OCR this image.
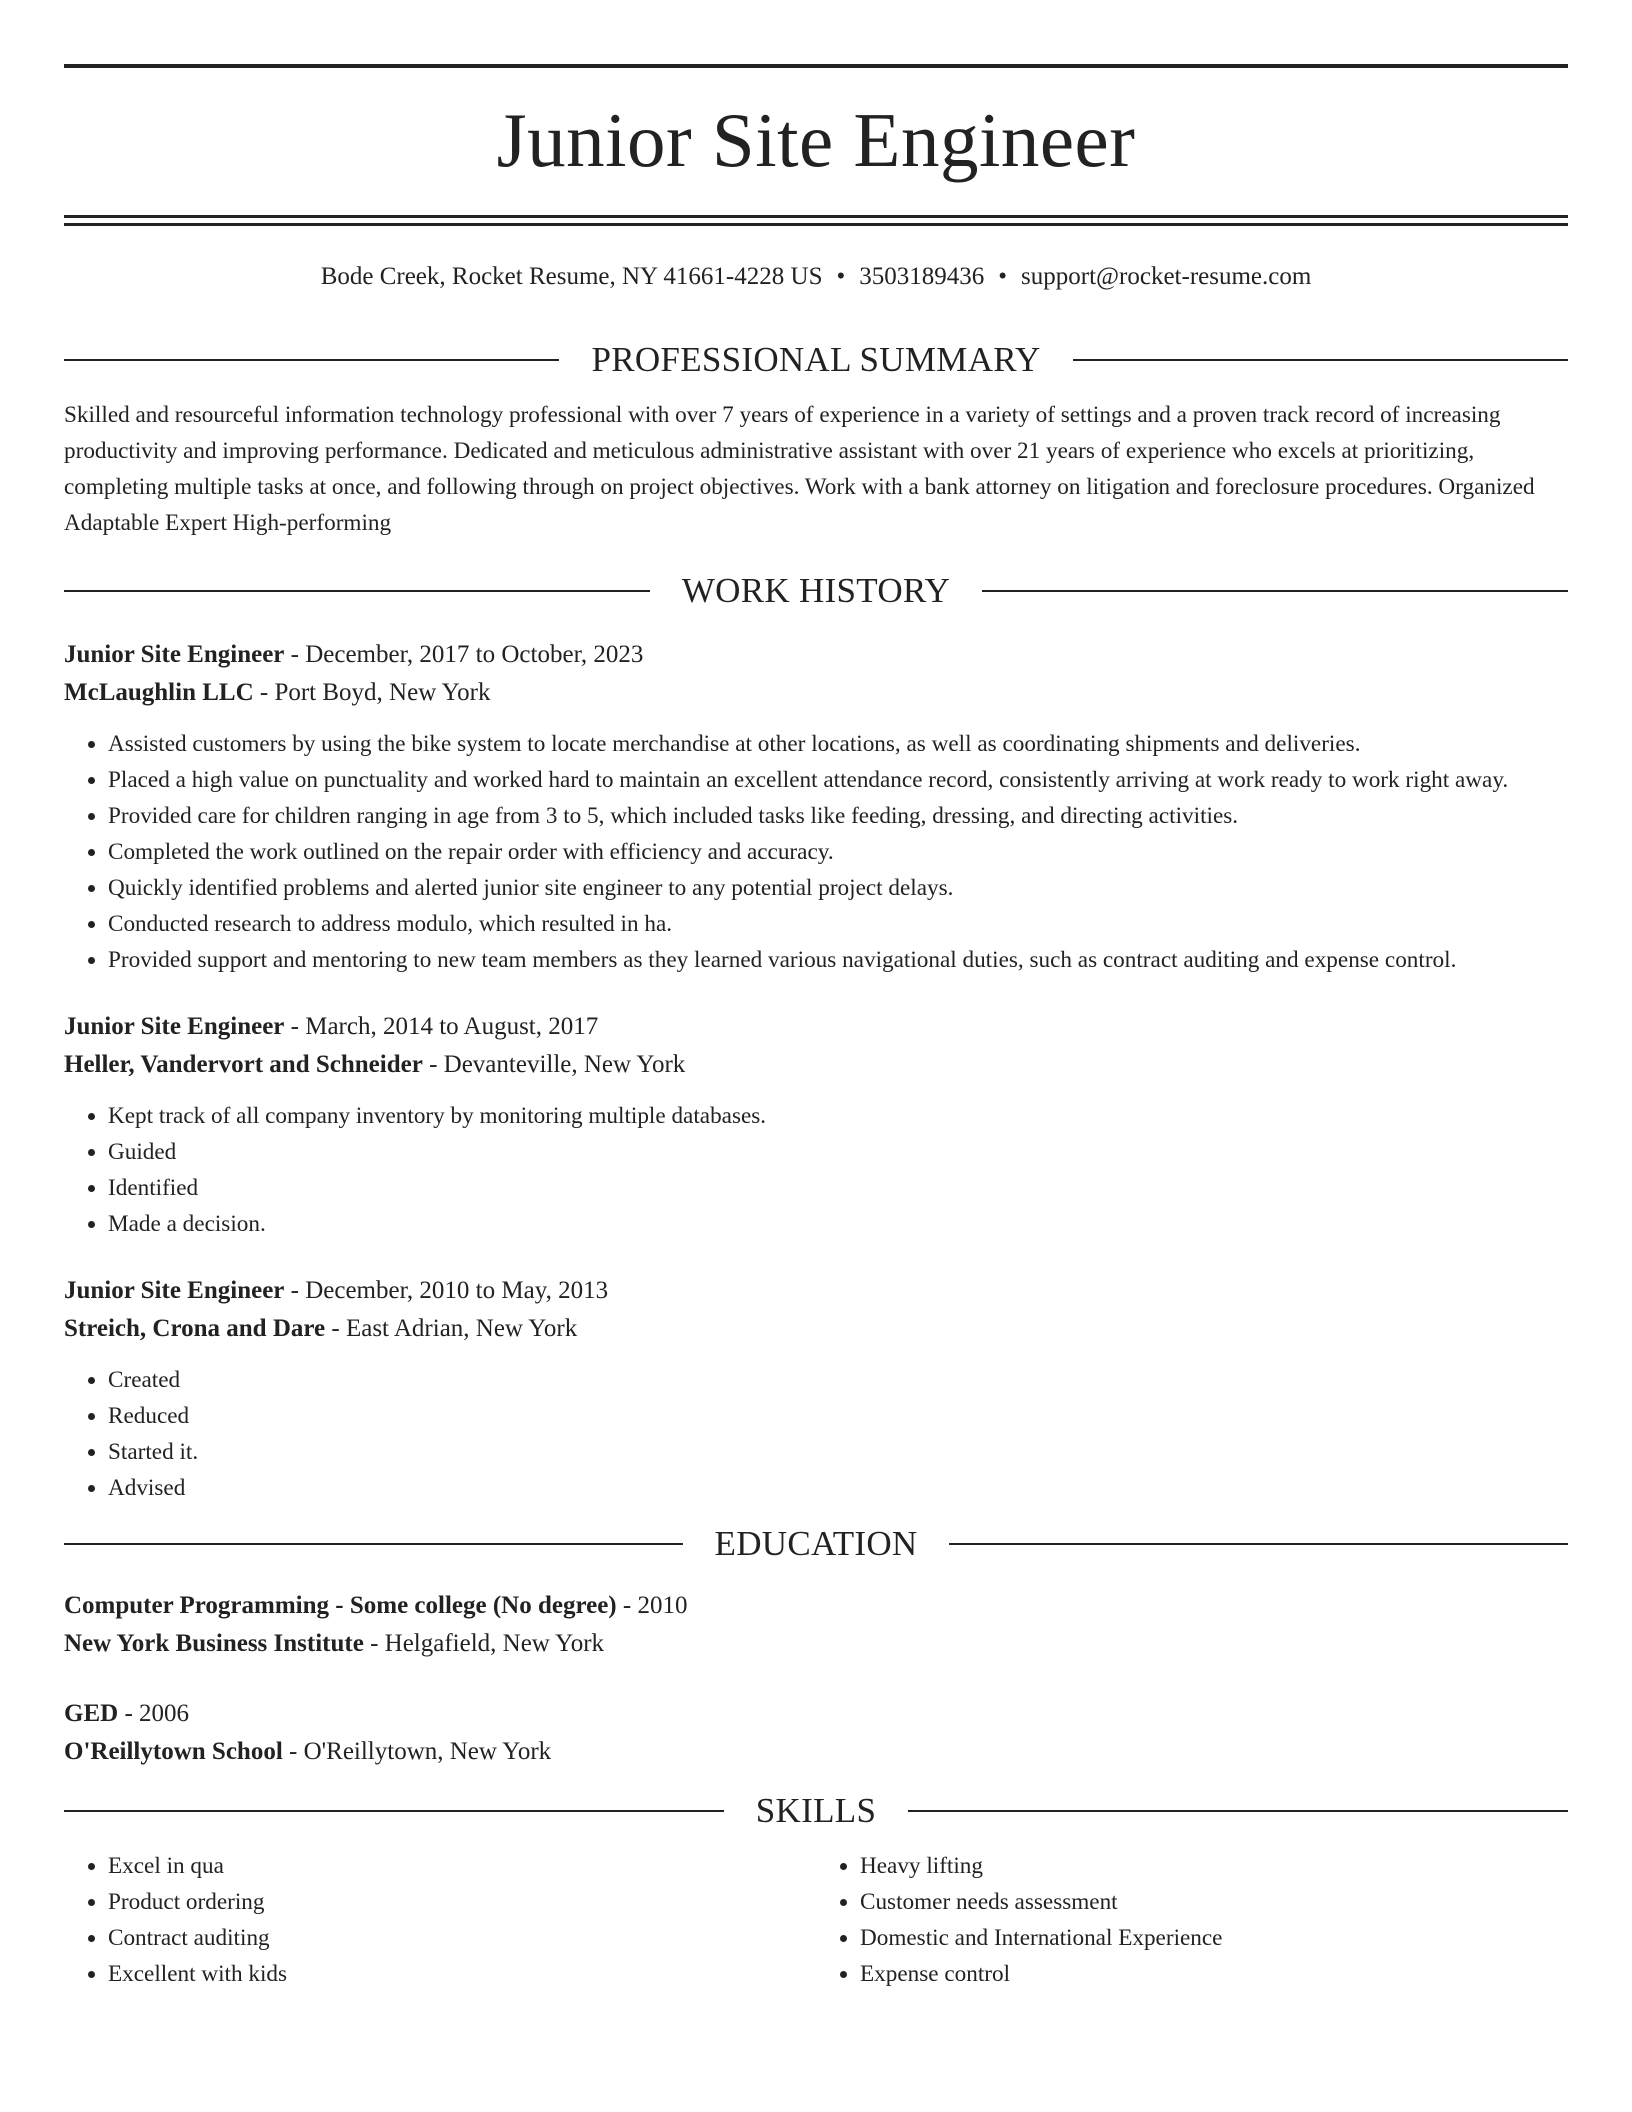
Junior Site Engineer
Bode Creek, Rocket Resume, NY 41661-4228 US • 3503189436 • support@rocket-resume.com
PROFESSIONAL SUMMARY
Skilled and resourceful information technology professional with over 7 years of experience in a variety of settings and a proven track record of increasing productivity and improving performance. Dedicated and meticulous administrative assistant with over 21 years of experience who excels at prioritizing, completing multiple tasks at once, and following through on project objectives. Work with a bank attorney on litigation and foreclosure procedures. Organized Adaptable Expert High-performing
WORK HISTORY
Junior Site Engineer - December, 2017 to October, 2023
McLaughlin LLC - Port Boyd, New York
• Assisted customers by using the bike system to locate merchandise at other locations, as well as coordinating shipments and deliveries.
• Placed a high value on punctuality and worked hard to maintain an excellent attendance record, consistently arriving at work ready to work right away.
• Provided care for children ranging in age from 3 to 5, which included tasks like feeding, dressing, and directing activities.
• Completed the work outlined on the repair order with efficiency and accuracy.
• Quickly identified problems and alerted junior site engineer to any potential project delays.
• Conducted research to address modulo, which resulted in ha.
• Provided support and mentoring to new team members as they learned various navigational duties, such as contract auditing and expense control.
Junior Site Engineer - March, 2014 to August, 2017
Heller, Vandervort and Schneider - Devanteville, New York
• Kept track of all company inventory by monitoring multiple databases.
• Guided
• Identified
• Made a decision.
Junior Site Engineer - December, 2010 to May, 2013
Streich, Crona and Dare - East Adrian, New York
• Created
• Reduced
• Started it.
• Advised
EDUCATION
Computer Programming - Some college (No degree) - 2010
New York Business Institute - Helgafield, New York
GED - 2006
O'Reillytown School - O'Reillytown, New York
SKILLS
• Excel in qua
• Product ordering
• Contract auditing
• Excellent with kids
• Heavy lifting
• Customer needs assessment
• Domestic and International Experience
• Expense control
